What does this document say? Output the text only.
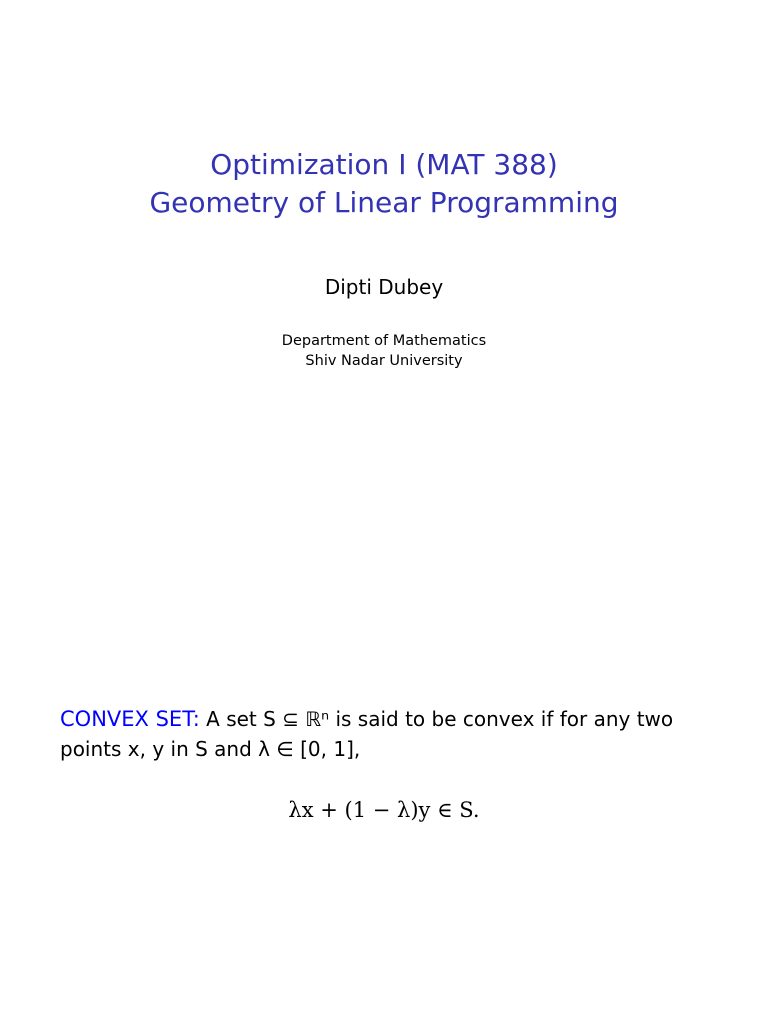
Optimization I (MAT 388)
Geometry of Linear Programming
Dipti Dubey
Department of Mathematics
Shiv Nadar University
CONVEX SET: A set S ⊆ ℝⁿ is said to be convex if for any two
points x, y in S and λ ∈ [0, 1],
λx + (1 − λ)y ∈ S.
